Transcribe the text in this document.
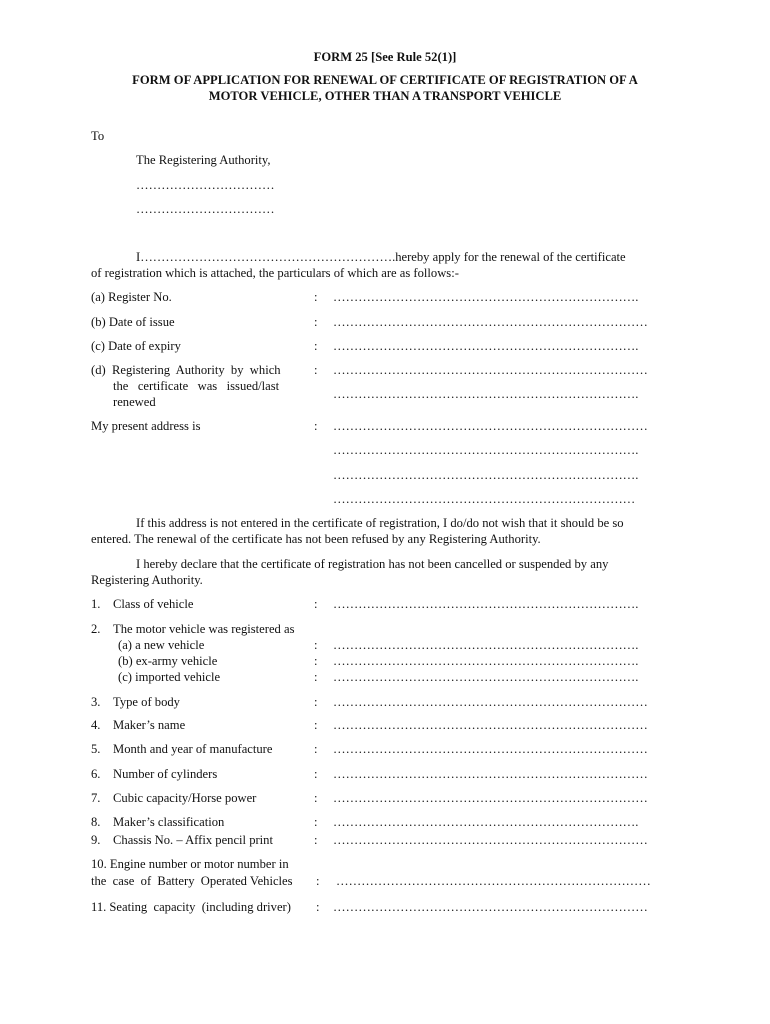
FORM 25 [See Rule 52(1)]
FORM OF APPLICATION FOR RENEWAL OF CERTIFICATE OF REGISTRATION OF A
MOTOR VEHICLE, OTHER THAN A TRANSPORT VEHICLE
To
The Registering Authority,
……………………………
……………………………
I…………………………………………………….hereby apply for the renewal of the certificate
of registration which is attached, the particulars of which are as follows:-
(a) Register No.	: ……………………………………………………………….
(b) Date of issue	: …………………………………………………………………
(c) Date of expiry	: ……………………………………………………………….
(d)  Registering  Authority  by  which
the   certificate   was   issued/last
renewed
: …………………………………………………………………
……………………………………………………………….
My present address is	: …………………………………………………………………
……………………………………………………………….
……………………………………………………………….
………………………………………………………………
If this address is not entered in the certificate of registration, I do/do not wish that it should be so
entered. The renewal of the certificate has not been refused by any Registering Authority.
I hereby declare that the certificate of registration has not been cancelled or suspended by any
Registering Authority.
1. Class of vehicle	: ……………………………………………………………….
2. The motor vehicle was registered as
(a) a new vehicle	: ……………………………………………………………….
(b) ex-army vehicle	: ……………………………………………………………….
(c) imported vehicle	: ……………………………………………………………….
3. Type of body	: …………………………………………………………………
4. Maker’s name	: …………………………………………………………………
5. Month and year of manufacture	: …………………………………………………………………
6. Number of cylinders	: …………………………………………………………………
7. Cubic capacity/Horse power	: …………………………………………………………………
8. Maker’s classification	: ……………………………………………………………….
9. Chassis No. – Affix pencil print	: …………………………………………………………………
10. Engine number or motor number in
the  case  of  Battery  Operated Vehicles : …………………………………………………………………
11. Seating  capacity  (including driver) : …………………………………………………………………
